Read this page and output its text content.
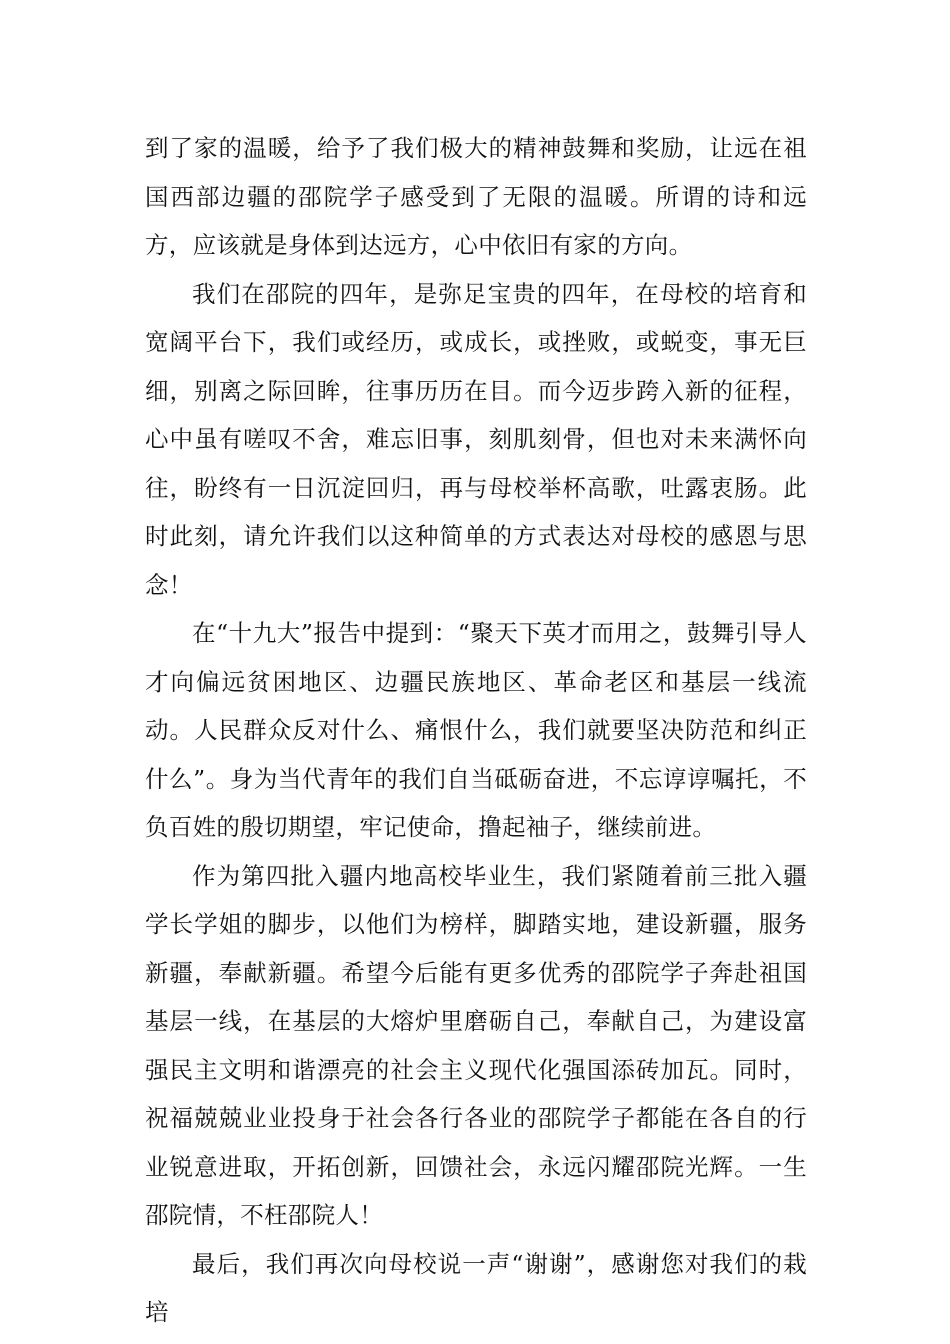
到了家的温暖，给予了我们极大的精神鼓舞和奖励，让远在祖国西部边疆的邵院学子感受到了无限的温暖。所谓的诗和远方，应该就是身体到达远方，心中依旧有家的方向。

我们在邵院的四年，是弥足宝贵的四年，在母校的培育和宽阔平台下，我们或经历，或成长，或挫败，或蜕变，事无巨细，别离之际回眸，往事历历在目。而今迈步跨入新的征程，心中虽有嗟叹不舍，难忘旧事，刻肌刻骨，但也对未来满怀向往，盼终有一日沉淀回归，再与母校举杯高歌，吐露衷肠。此时此刻，请允许我们以这种简单的方式表达对母校的感恩与思念！

在“十九大”报告中提到：“聚天下英才而用之，鼓舞引导人才向偏远贫困地区、边疆民族地区、革命老区和基层一线流动。人民群众反对什么、痛恨什么，我们就要坚决防范和纠正什么”。身为当代青年的我们自当砥砺奋进，不忘谆谆嘱托，不负百姓的殷切期望，牢记使命，撸起袖子，继续前进。

作为第四批入疆内地高校毕业生，我们紧随着前三批入疆学长学姐的脚步，以他们为榜样，脚踏实地，建设新疆，服务新疆，奉献新疆。希望今后能有更多优秀的邵院学子奔赴祖国基层一线，在基层的大熔炉里磨砺自己，奉献自己，为建设富强民主文明和谐漂亮的社会主义现代化强国添砖加瓦。同时，祝福兢兢业业投身于社会各行各业的邵院学子都能在各自的行业锐意进取，开拓创新，回馈社会，永远闪耀邵院光辉。一生邵院情，不枉邵院人！

最后，我们再次向母校说一声“谢谢”，感谢您对我们的栽培
